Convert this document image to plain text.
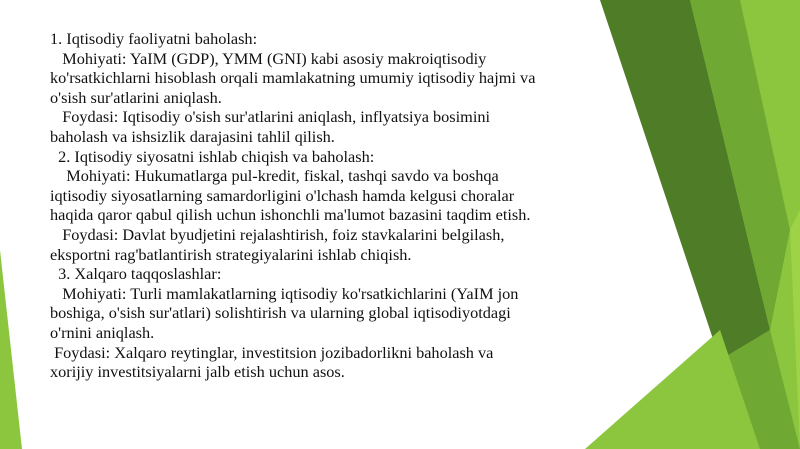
1. Iqtisodiy faoliyatni baholash:
Mohiyati: YaIM (GDP), YMM (GNI) kabi asosiy makroiqtisodiy
ko'rsatkichlarni hisoblash orqali mamlakatning umumiy iqtisodiy hajmi va
o'sish sur'atlarini aniqlash.
Foydasi: Iqtisodiy o'sish sur'atlarini aniqlash, inflyatsiya bosimini
baholash va ishsizlik darajasini tahlil qilish.
2. Iqtisodiy siyosatni ishlab chiqish va baholash:
Mohiyati: Hukumatlarga pul-kredit, fiskal, tashqi savdo va boshqa
iqtisodiy siyosatlarning samardorligini o'lchash hamda kelgusi choralar
haqida qaror qabul qilish uchun ishonchli ma'lumot bazasini taqdim etish.
Foydasi: Davlat byudjetini rejalashtirish, foiz stavkalarini belgilash,
eksportni rag'batlantirish strategiyalarini ishlab chiqish.
3. Xalqaro taqqoslashlar:
Mohiyati: Turli mamlakatlarning iqtisodiy ko'rsatkichlarini (YaIM jon
boshiga, o'sish sur'atlari) solishtirish va ularning global iqtisodiyotdagi
o'rnini aniqlash.
Foydasi: Xalqaro reytinglar, investitsion jozibadorlikni baholash va
xorijiy investitsiyalarni jalb etish uchun asos.
